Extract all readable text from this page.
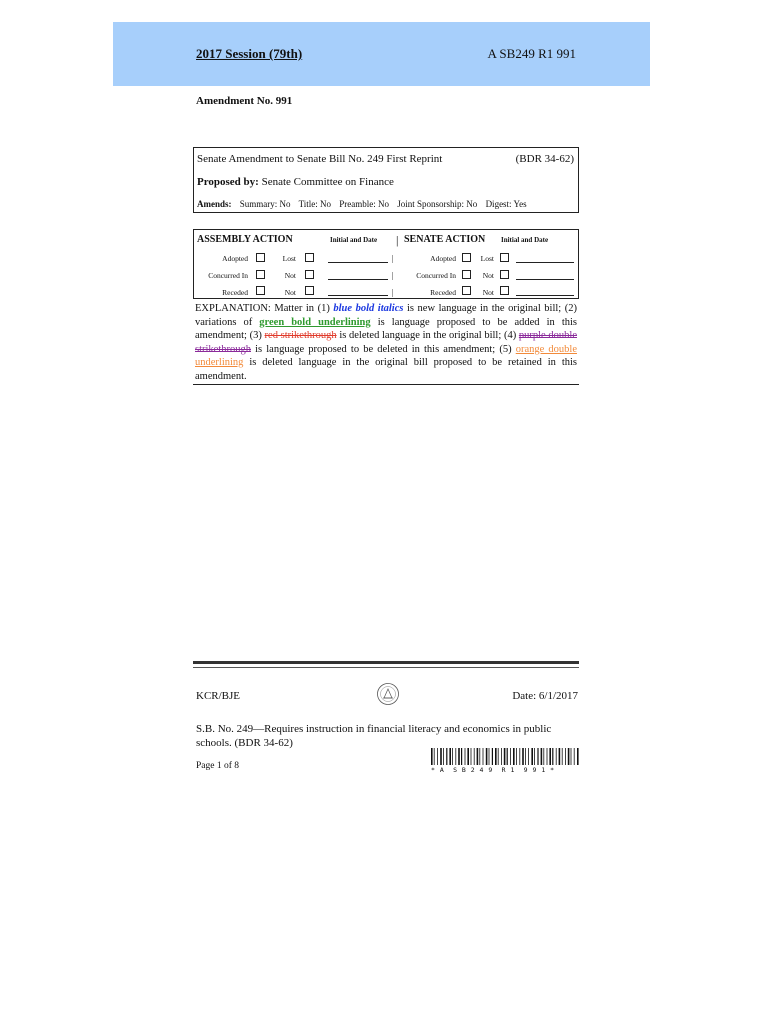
2017 Session (79th)	A SB249 R1 991
Amendment No. 991
Senate Amendment to Senate Bill No. 249 First Reprint	(BDR 34-62)
Proposed by: Senate Committee on Finance
Amends: Summary: No Title: No Preamble: No Joint Sponsorship: No Digest: Yes
ASSEMBLY ACTION	Initial and Date | SENATE ACTION Initial and Date
Adopted	Lost	|	Adopted	Lost
Concurred In	Not	|	Concurred In	Not
Receded	Not	|	Receded	Not
EXPLANATION: Matter in (1) blue bold italics is new language in the original bill; (2) variations of green bold underlining is language proposed to be added in this amendment; (3) red strikethrough is deleted language in the original bill; (4) purple double strikethrough is language proposed to be deleted in this amendment; (5) orange double underlining is deleted language in the original bill proposed to be retained in this amendment.
KCR/BJE	Date: 6/1/2017
S.B. No. 249—Requires instruction in financial literacy and economics in public schools. (BDR 34-62)
Page 1 of 8	* A  S B 2 4 9  R 1  9 9 1 *
